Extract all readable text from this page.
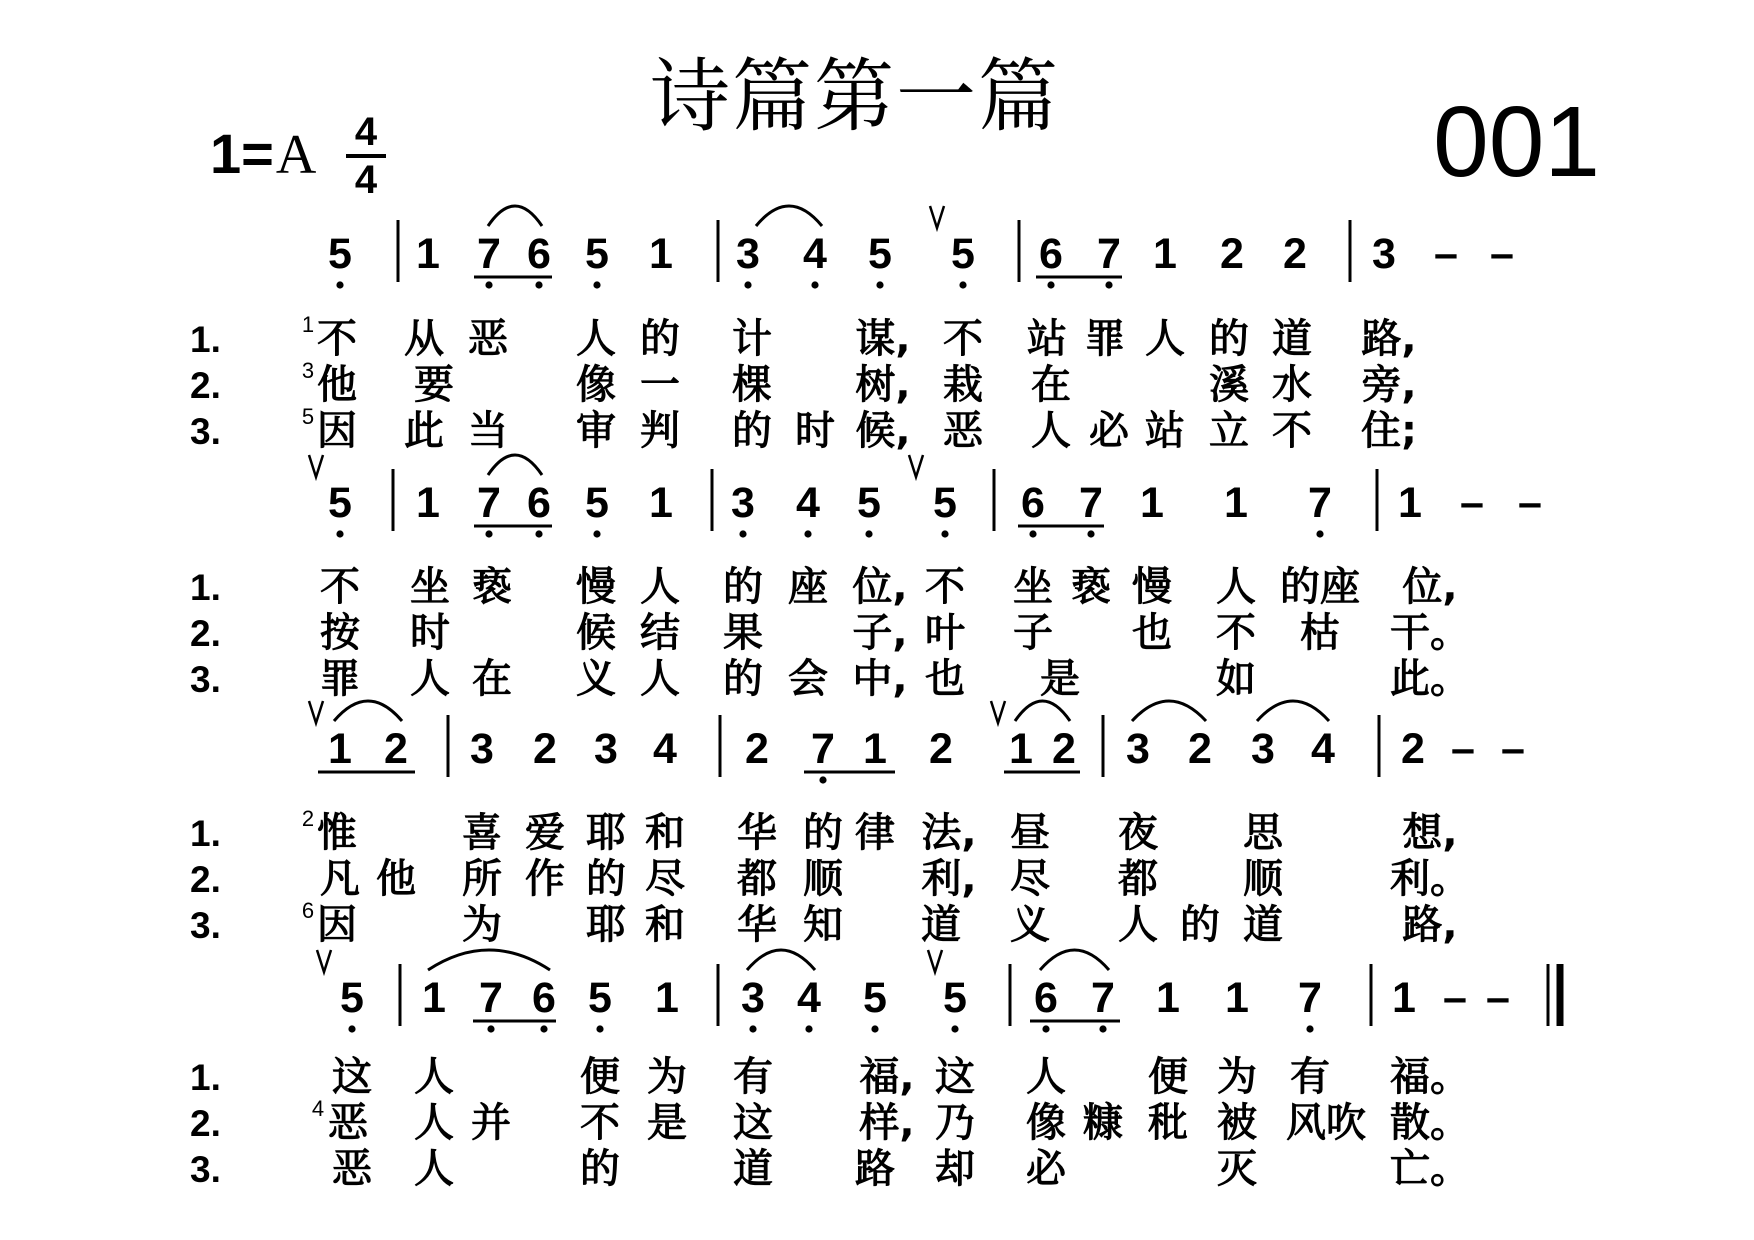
诗篇第一篇
1=A 4
4	001
5 1 7 6 5 1 3 4 5 5 6 7 1 2 2 3 – –
1.	1 不 从 恶 人 的 计 谋, 不 站 罪 人 的 道 路,
2.	3 他 要	像 一 棵 树, 栽 在	溪 水 旁,
3.	5 因 此 当 审 判 的 时 候, 恶 人 必 站 立 不 住;
5 1 7 6 5 1 3 4 5 5 6 7 1 1 7 1 – –
1. 不 坐 亵 慢 人 的 座 位, 不 坐 亵 慢 人 的座 位,
2. 按 时	候 结 果 子, 叶 子 也 不 枯 干。
3. 罪 人 在 义 人 的 会 中, 也 是	如	此。
1 2 3 2 3 4 2 7 1 2 1 2 3 2 3 4 2 – –
1.	2 惟	喜 爱 耶 和 华 的 律 法, 昼 夜 思	想,
2. 凡 他 所 作 的 尽 都 顺 利, 尽 都 顺	利。
3.	6 因	为 耶 和 华 知 道 义 人 的 道	路,
5 1 7 6 5 1 3 4 5 5 6 7 1 1 7 1 – –
1.	这 人	便 为 有 福, 这 人 便 为 有 福。
2.	4 恶 人 并 不 是 这 样, 乃 像 糠 秕 被 风吹 散。
3.	恶 人	的	道 路 却 必	灭	亡。
